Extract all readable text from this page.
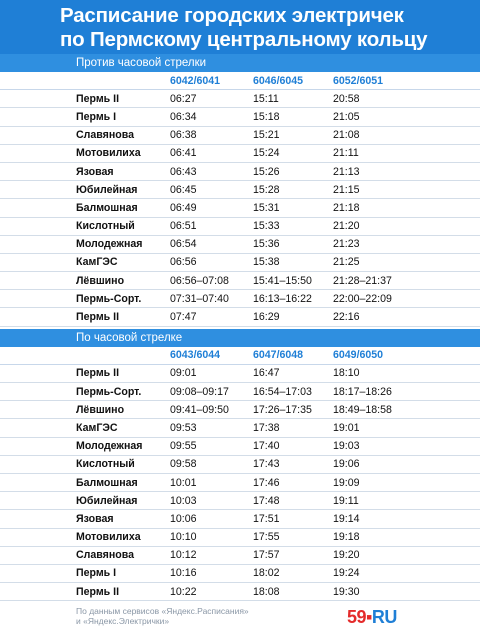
Расписание городских электричек
по Пермскому центральному кольцу
Против часовой стрелки
6042/6041	6046/6045	6052/6051
Пермь II	06:27	15:11	20:58
Пермь I	06:34	15:18	21:05
Славянова	06:38	15:21	21:08
Мотовилиха	06:41	15:24	21:11
Язовая	06:43	15:26	21:13
Юбилейная	06:45	15:28	21:15
Балмошная	06:49	15:31	21:18
Кислотный	06:51	15:33	21:20
Молодежная	06:54	15:36	21:23
КамГЭС	06:56	15:38	21:25
Лёвшино	06:56–07:08	15:41–15:50	21:28–21:37
Пермь-Сорт.	07:31–07:40	16:13–16:22	22:00–22:09
Пермь II	07:47	16:29	22:16
По часовой стрелке
6043/6044	6047/6048	6049/6050
Пермь II	09:01	16:47	18:10
Пермь-Сорт.	09:08–09:17	16:54–17:03	18:17–18:26
Лёвшино	09:41–09:50	17:26–17:35	18:49–18:58
КамГЭС	09:53	17:38	19:01
Молодежная	09:55	17:40	19:03
Кислотный	09:58	17:43	19:06
Балмошная	10:01	17:46	19:09
Юбилейная	10:03	17:48	19:11
Язовая	10:06	17:51	19:14
Мотовилиха	10:10	17:55	19:18
Славянова	10:12	17:57	19:20
Пермь I	10:16	18:02	19:24
Пермь II	10:22	18:08	19:30
По данным сервисов «Яндекс.Расписания»
и «Яндекс.Электрички»	59▪RU
